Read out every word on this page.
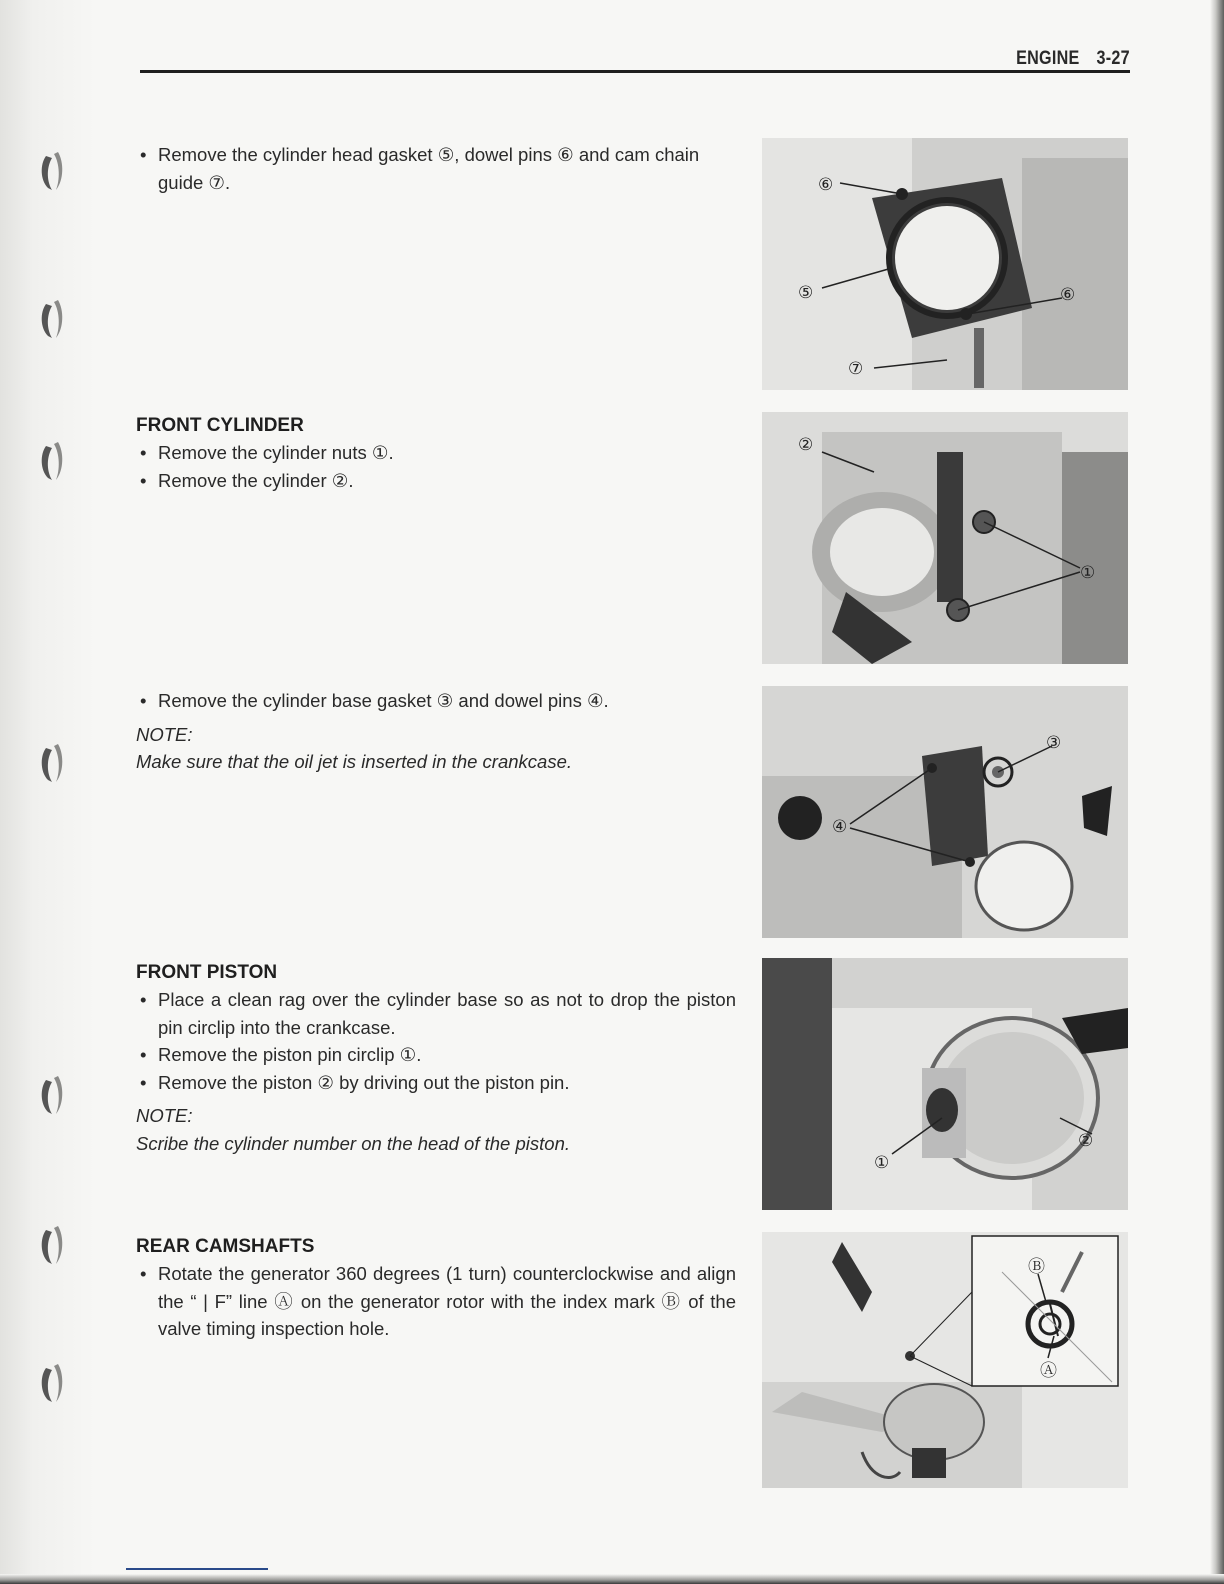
ENGINE 3-27
• Remove the cylinder head gasket ⑤, dowel pins ⑥ and cam chain guide ⑦.
FRONT CYLINDER
• Remove the cylinder nuts ①.
• Remove the cylinder ②.
• Remove the cylinder base gasket ③ and dowel pins ④.
NOTE:
Make sure that the oil jet is inserted in the crankcase.
FRONT PISTON
• Place a clean rag over the cylinder base so as not to drop the piston pin circlip into the crankcase.
• Remove the piston pin circlip ①.
• Remove the piston ② by driving out the piston pin.
NOTE:
Scribe the cylinder number on the head of the piston.
REAR CAMSHAFTS
• Rotate the generator 360 degrees (1 turn) counterclockwise and align the “ | F” line Ⓐ on the generator rotor with the index mark Ⓑ of the valve timing inspection hole.
⑥
⑤	⑥
⑦
②
①
③
④
②
①
Ⓑ
Ⓐ
